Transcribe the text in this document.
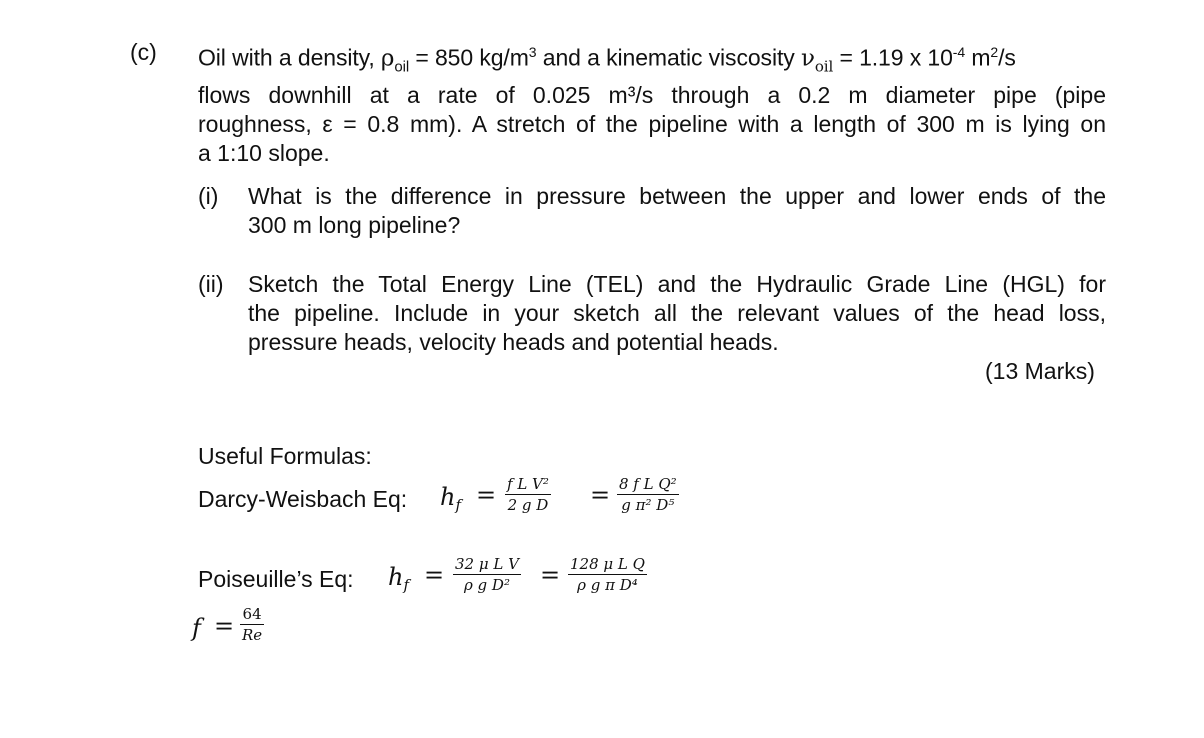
(c) Oil with a density, $\rho_{oil} = 850$ $kg/m^3$ and a kinematic viscosity $\nu_{oil} = 1.19$ x $10^{-4}$ $m^2/s$
flows downhill at a rate of 0.025 m³/s through a 0.2 m diameter pipe (pipe
roughness, ε = 0.8 mm). A stretch of the pipeline with a length of 300 m is lying on
a 1:10 slope.
(i) What is the difference in pressure between the upper and lower ends of the
300 m long pipeline?
(ii) Sketch the Total Energy Line (TEL) and the Hydraulic Grade Line (HGL) for
the pipeline. Include in your sketch all the relevant values of the head loss,
pressure heads, velocity heads and potential heads.
(13 Marks)
Useful Formulas:
Darcy-Weisbach Eq: $h_f = f$ L V²
2 g D = 8 f L Q²
g π² D⁵
Poiseuille’s Eq: $h_f = 32$ μ L V
ρ g D² = 128 μ L Q
ρ g π D⁴
f = 64
Re
